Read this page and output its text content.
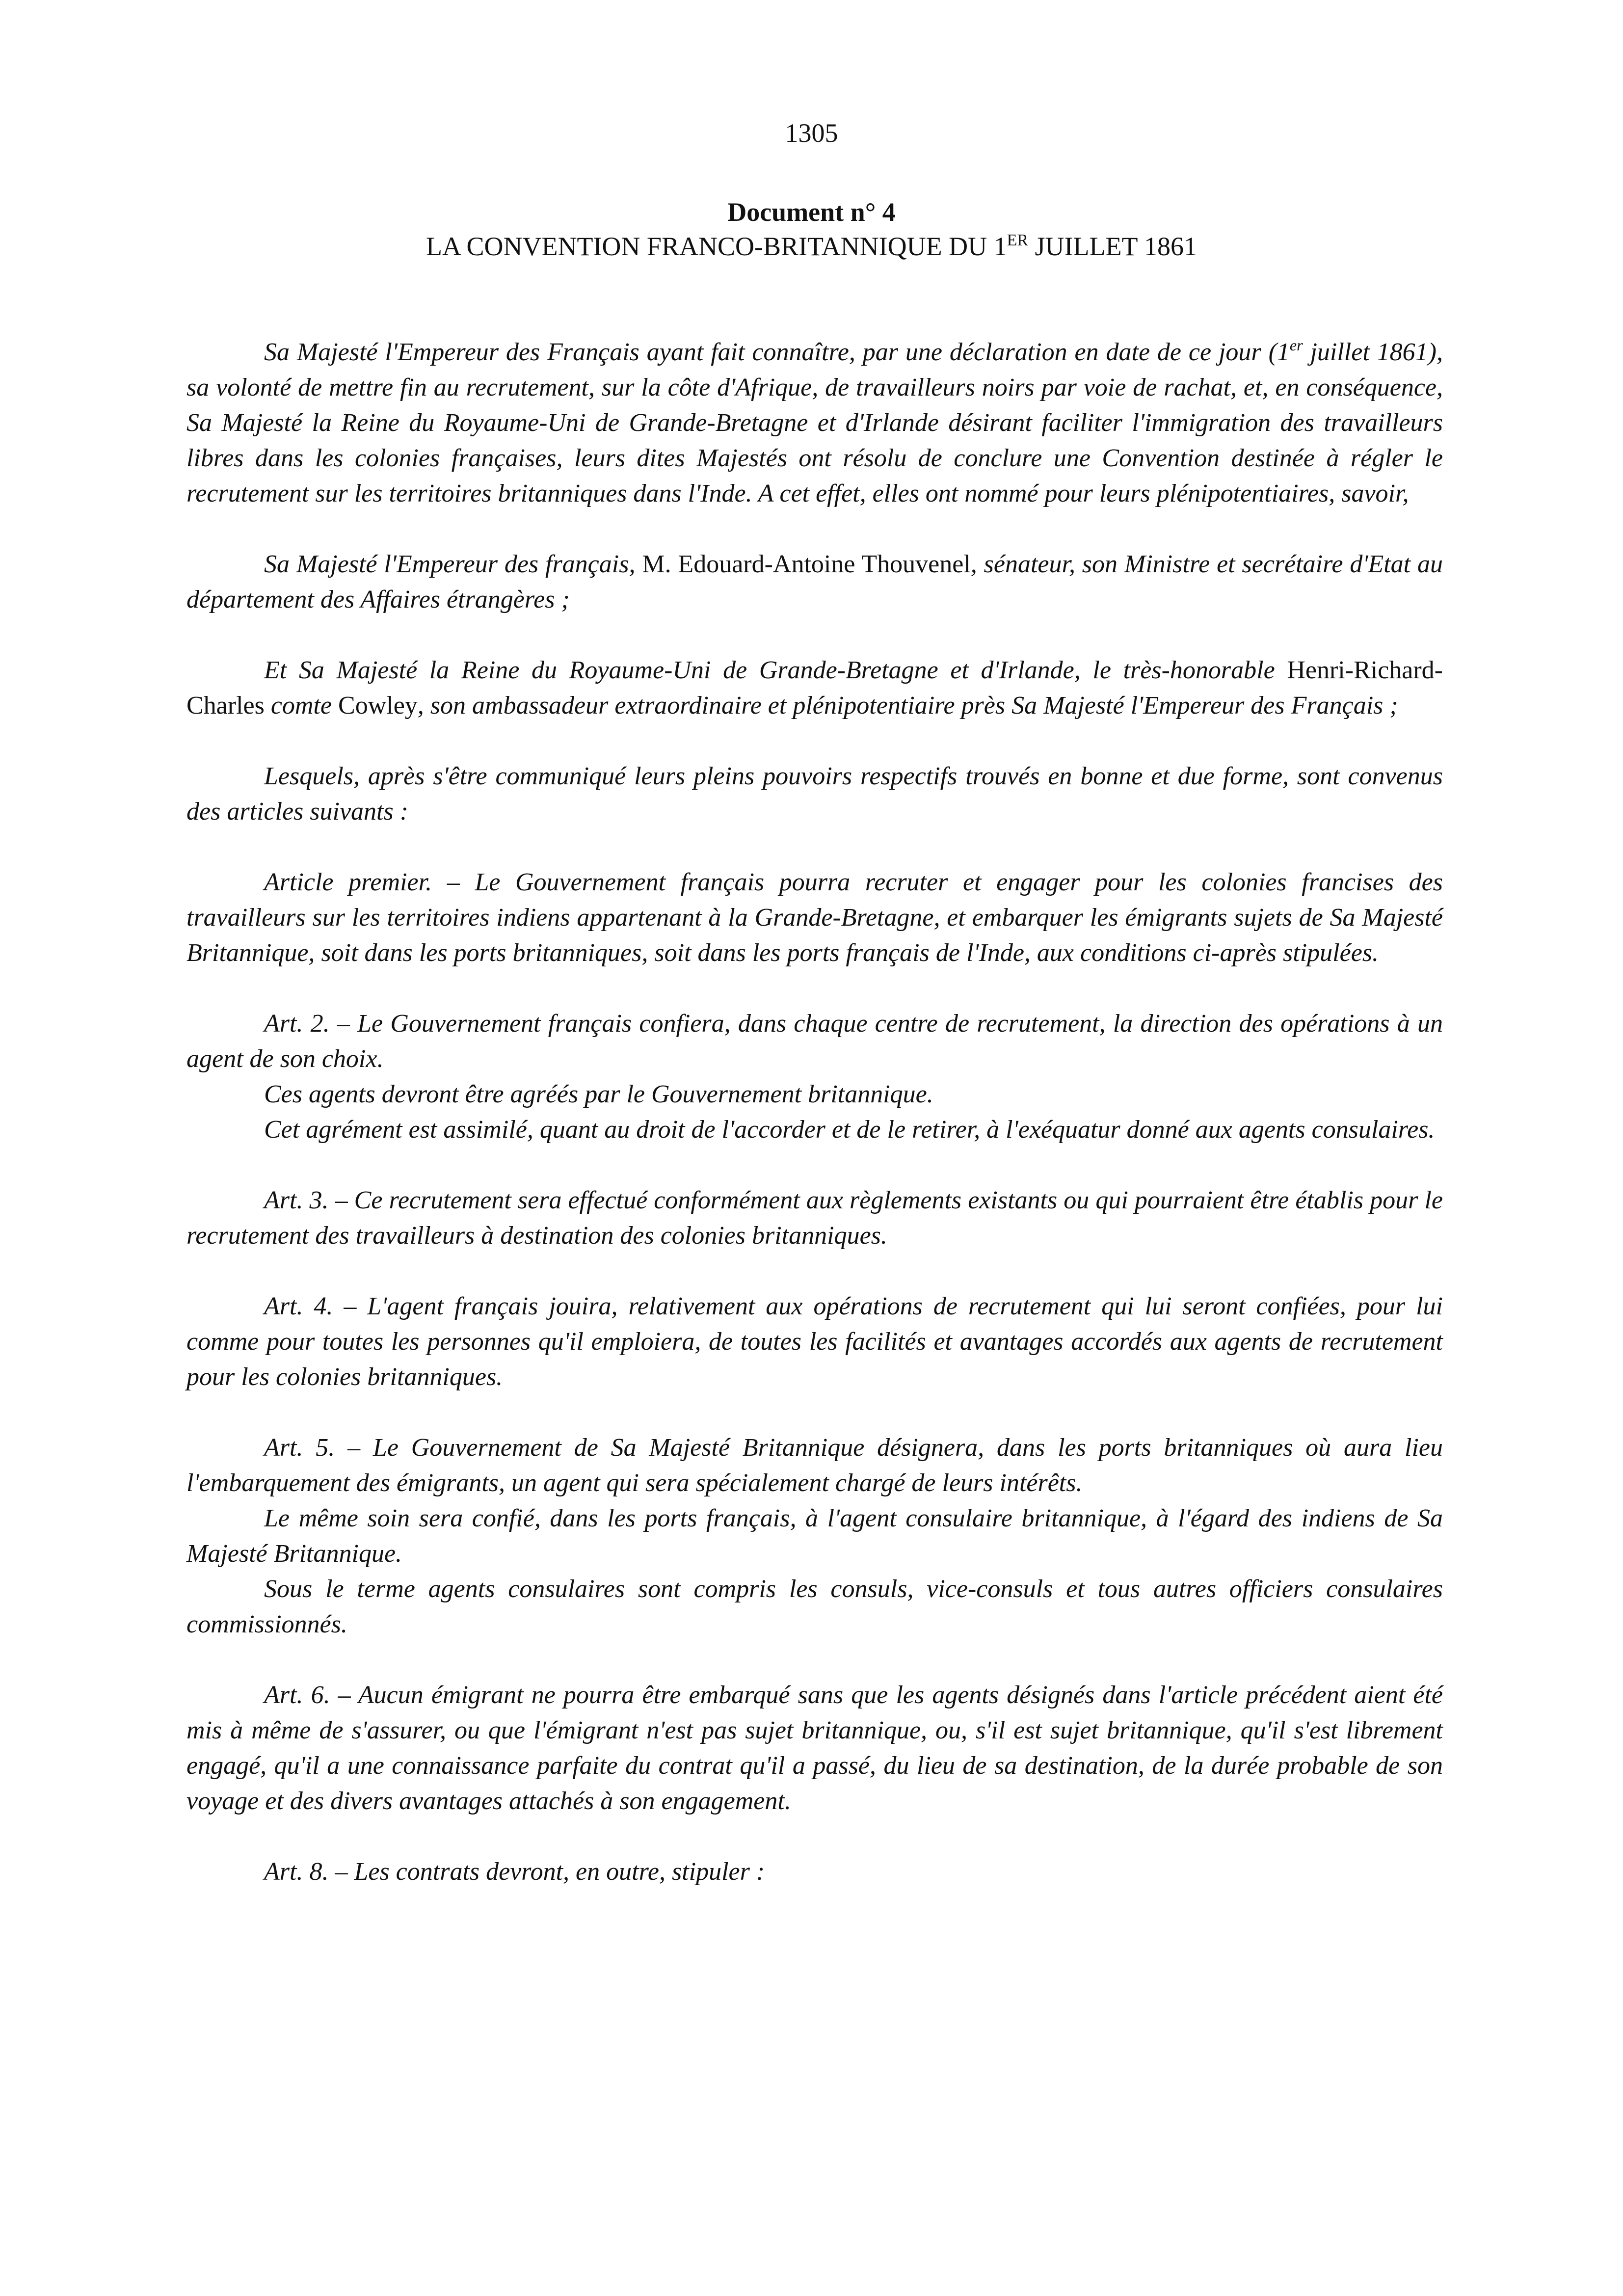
1305
Document n° 4
LA CONVENTION FRANCO-BRITANNIQUE DU 1ER JUILLET 1861

Sa Majesté l'Empereur des Français ayant fait connaître, par une déclaration en date de ce jour (1er juillet 1861), sa volonté de mettre fin au recrutement, sur la côte d'Afrique, de travailleurs noirs par voie de rachat, et, en conséquence, Sa Majesté la Reine du Royaume-Uni de Grande-Bretagne et d'Irlande désirant faciliter l'immigration des travailleurs libres dans les colonies françaises, leurs dites Majestés ont résolu de conclure une Convention destinée à régler le recrutement sur les territoires britanniques dans l'Inde. A cet effet, elles ont nommé pour leurs plénipotentiaires, savoir,

Sa Majesté l'Empereur des français, M. Edouard-Antoine Thouvenel, sénateur, son Ministre et secrétaire d'Etat au département des Affaires étrangères ;

Et Sa Majesté la Reine du Royaume-Uni de Grande-Bretagne et d'Irlande, le très-honorable Henri-Richard-Charles comte Cowley, son ambassadeur extraordinaire et plénipotentiaire près Sa Majesté l'Empereur des Français ;

Lesquels, après s'être communiqué leurs pleins pouvoirs respectifs trouvés en bonne et due forme, sont convenus des articles suivants :

Article premier. – Le Gouvernement français pourra recruter et engager pour les colonies francises des travailleurs sur les territoires indiens appartenant à la Grande-Bretagne, et embarquer les émigrants sujets de Sa Majesté Britannique, soit dans les ports britanniques, soit dans les ports français de l'Inde, aux conditions ci-après stipulées.

Art. 2. – Le Gouvernement français confiera, dans chaque centre de recrutement, la direction des opérations à un agent de son choix.

Ces agents devront être agréés par le Gouvernement britannique.

Cet agrément est assimilé, quant au droit de l'accorder et de le retirer, à l'exéquatur donné aux agents consulaires.

Art. 3. – Ce recrutement sera effectué conformément aux règlements existants ou qui pourraient être établis pour le recrutement des travailleurs à destination des colonies britanniques.

Art. 4. – L'agent français jouira, relativement aux opérations de recrutement qui lui seront confiées, pour lui comme pour toutes les personnes qu'il emploiera, de toutes les facilités et avantages accordés aux agents de recrutement pour les colonies britanniques.

Art. 5. – Le Gouvernement de Sa Majesté Britannique désignera, dans les ports britanniques où aura lieu l'embarquement des émigrants, un agent qui sera spécialement chargé de leurs intérêts.

Le même soin sera confié, dans les ports français, à l'agent consulaire britannique, à l'égard des indiens de Sa Majesté Britannique.

Sous le terme agents consulaires sont compris les consuls, vice-consuls et tous autres officiers consulaires commissionnés.

Art. 6. – Aucun émigrant ne pourra être embarqué sans que les agents désignés dans l'article précédent aient été mis à même de s'assurer, ou que l'émigrant n'est pas sujet britannique, ou, s'il est sujet britannique, qu'il s'est librement engagé, qu'il a une connaissance parfaite du contrat qu'il a passé, du lieu de sa destination, de la durée probable de son voyage et des divers avantages attachés à son engagement.

Art. 8. – Les contrats devront, en outre, stipuler :
